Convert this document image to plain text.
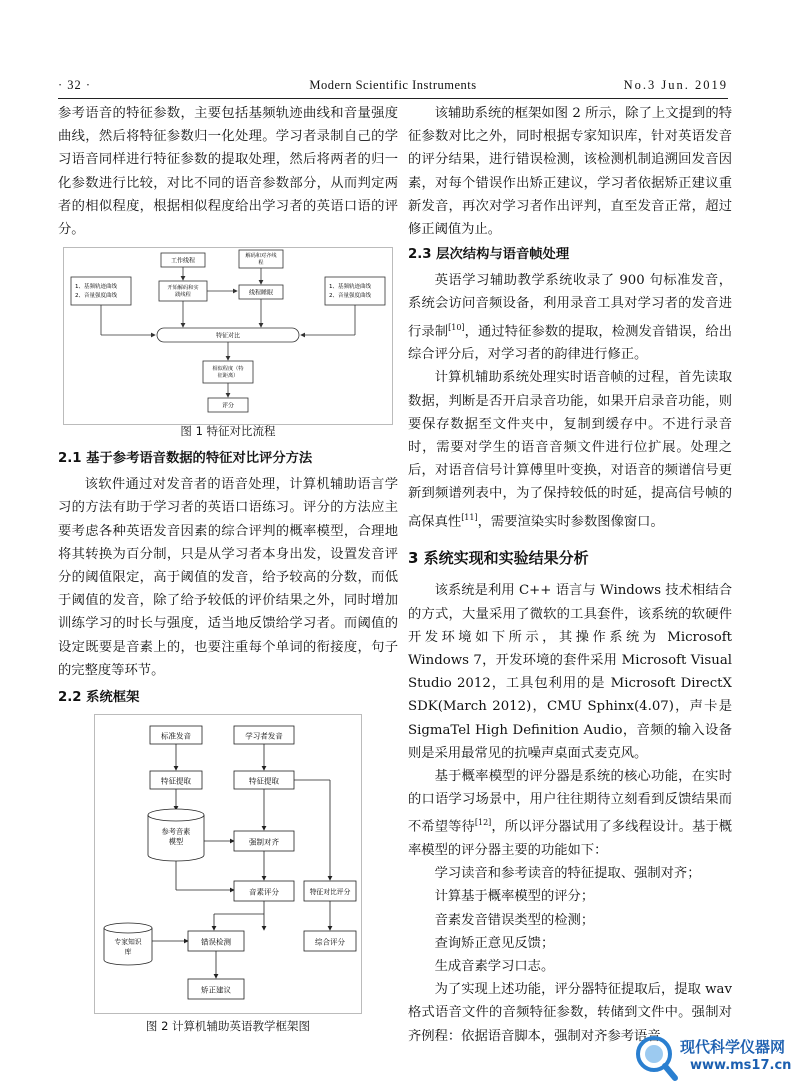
· 32 ·	Modern Scientific Instruments	No.3 Jun. 2019

参考语音的特征参数，主要包括基频轨迹曲线和音量强度曲线，然后将特征参数归一化处理。学习者录制自己的学习语音同样进行特征参数的提取处理，然后将两者的归一化参数进行比较，对比不同的语音参数部分，从而判定两者的相似程度，根据相似程度给出学习者的英语口语的评分。

1、基频轨迹曲线 2、音量强度曲线
1、基频轨迹曲线 2、音量强度曲线
工作线程
解码和对齐线程
开始解码和实践线程	线程睡眠
特征对比
相似程度（特征距离）
评分
图 1 特征对比流程
2.1 基于参考语音数据的特征对比评分方法

该软件通过对发音者的语音处理，计算机辅助语言学习的方法有助于学习者的英语口语练习。评分的方法应主要考虑各种英语发音因素的综合评判的概率模型，合理地将其转换为百分制，只是从学习者本身出发，设置发音评分的阈值限定，高于阈值的发音，给予较高的分数，而低于阈值的发音，除了给予较低的评价结果之外，同时增加训练学习的时长与强度，适当地反馈给学习者。而阈值的设定既要是音素上的，也要注重每个单词的衔接度，句子的完整度等环节。

2.2 系统框架
标准发音	学习者发音
特征提取	特征提取
参考音素模型	强制对齐
音素评分	特征对比评分
专家知识库
错误检测	综合评分
矫正建议
图 2 计算机辅助英语教学框架图

该辅助系统的框架如图 2 所示，除了上文提到的特征参数对比之外，同时根据专家知识库，针对英语发音的评分结果，进行错误检测，该检测机制追溯回发音因素，对每个错误作出矫正建议，学习者依据矫正建议重新发音，再次对学习者作出评判，直至发音正常，超过修正阈值为止。

2.3 层次结构与语音帧处理

英语学习辅助教学系统收录了 900 句标准发音，系统会访问音频设备，利用录音工具对学习者的发音进行录制[10]，通过特征参数的提取，检测发音错误，给出综合评分后，对学习者的韵律进行修正。

计算机辅助系统处理实时语音帧的过程，首先读取数据，判断是否开启录音功能，如果开启录音功能，则要保存数据至文件夹中，复制到缓存中。不进行录音时，需要对学生的语音音频文件进行位扩展。处理之后，对语音信号计算傅里叶变换，对语音的频谱信号更新到频谱列表中，为了保持较低的时延，提高信号帧的高保真性[11]，需要渲染实时参数图像窗口。

3 系统实现和实验结果分析

该系统是利用 C++ 语言与 Windows 技术相结合的方式，大量采用了微软的工具套件，该系统的软硬件开发环境如下所示，其操作系统为 Microsoft Windows 7，开发环境的套件采用 Microsoft Visual Studio 2012，工具包利用的是 Microsoft DirectX SDK(March 2012)，CMU Sphinx(4.07)，声卡是 SigmaTel High Definition Audio，音频的输入设备则是采用最常见的抗噪声桌面式麦克风。

基于概率模型的评分器是系统的核心功能，在实时的口语学习场景中，用户往往期待立刻看到反馈结果而不希望等待[12]，所以评分器试用了多线程设计。基于概率模型的评分器主要的功能如下：

学习读音和参考读音的特征提取、强制对齐；

计算基于概率模型的评分；

音素发音错误类型的检测；

查询矫正意见反馈；

生成音素学习口志。

为了实现上述功能，评分器特征提取后，提取 wav 格式语音文件的音频特征参数，转储到文件中。强制对齐例程：依据语音脚本，强制对齐参考语音

现代科学仪器网
www.ms17.cn
